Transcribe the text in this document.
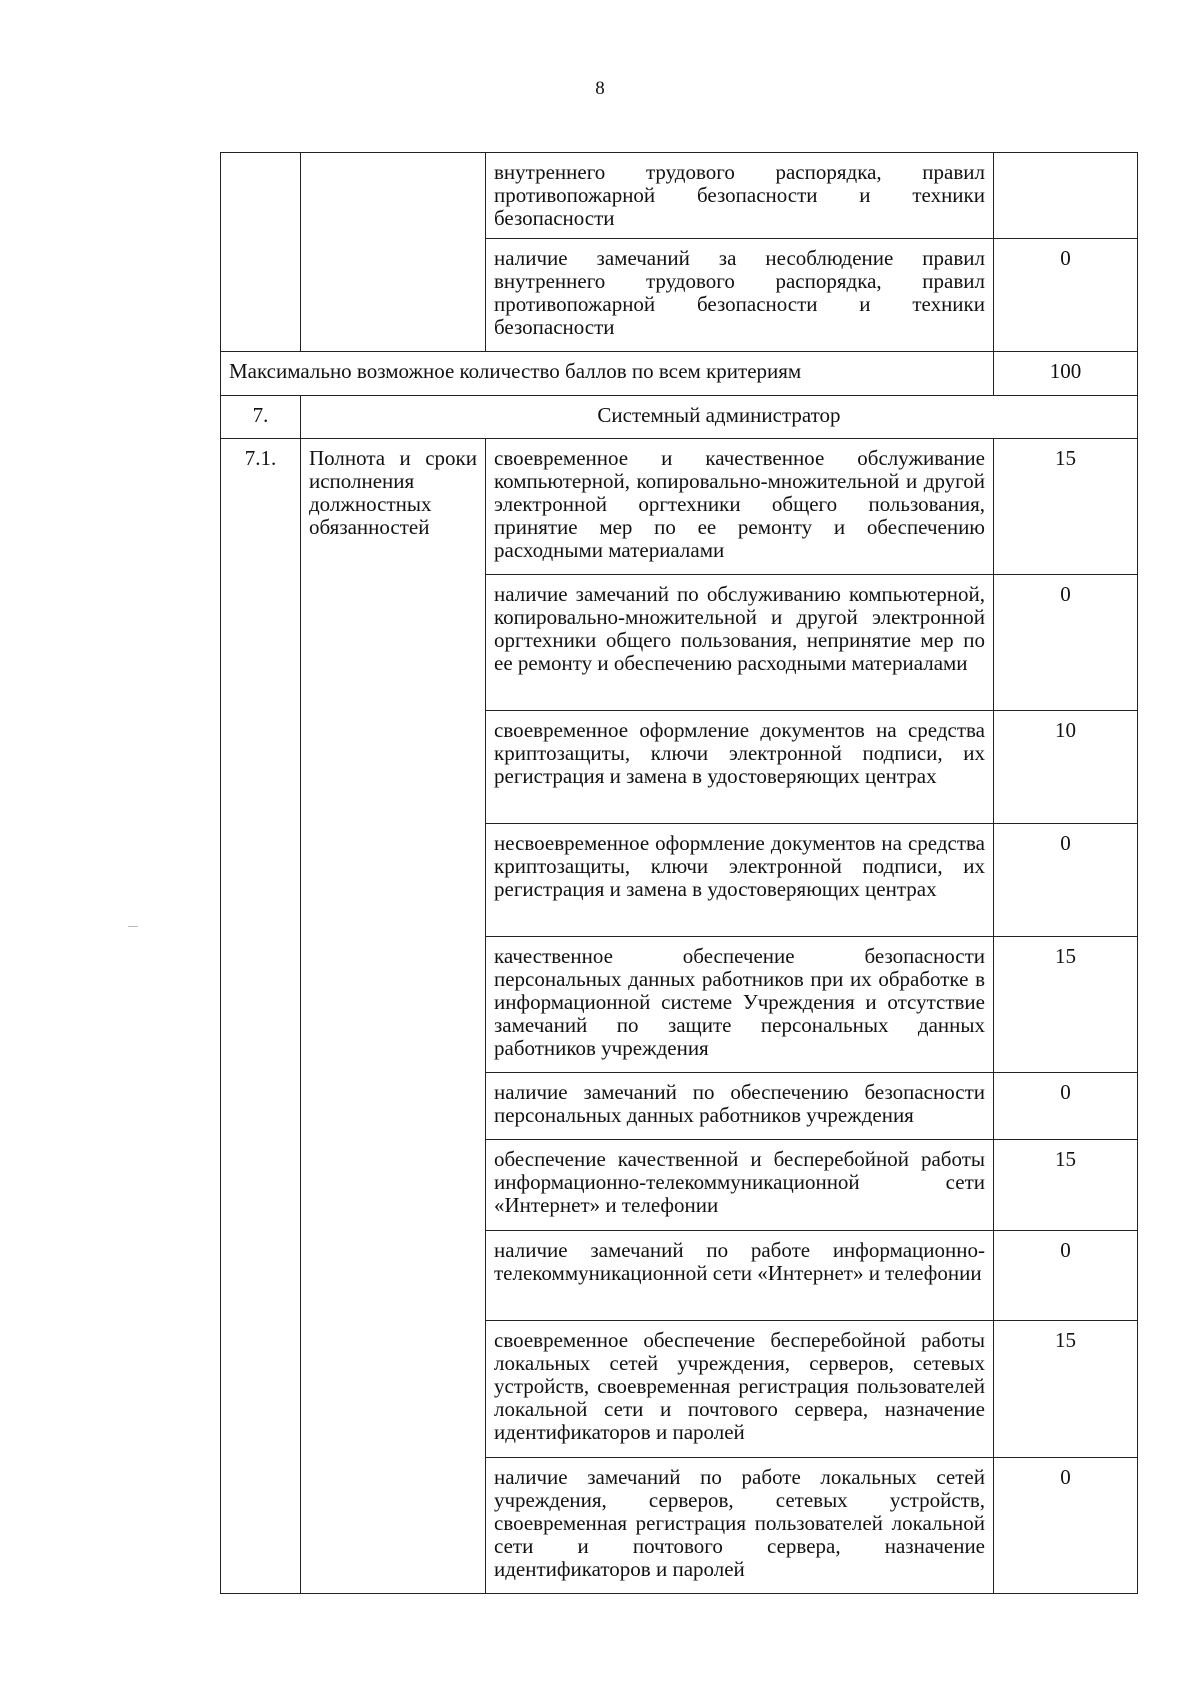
8
		внутреннего трудового распорядка, правил противопожарной безопасности и техники безопасности	
		наличие замечаний за несоблюдение правил внутреннего трудового распорядка, правил противопожарной безопасности и техники безопасности	0
Максимально возможное количество баллов по всем критериям			100
7.	Системный администратор		
7.1.	Полнота и сроки исполнения должностных обязанностей	своевременное и качественное обслуживание компьютерной, копировально-множительной и другой электронной оргтехники общего пользования, принятие мер по ее ремонту и обеспечению расходными материалами	15
		наличие замечаний по обслуживанию компьютерной, копировально-множительной и другой электронной оргтехники общего пользования, непринятие мер по ее ремонту и обеспечению расходными материалами	0
		своевременное оформление документов на средства криптозащиты, ключи электронной подписи, их регистрация и замена в удостоверяющих центрах	10
		несвоевременное оформление документов на средства криптозащиты, ключи электронной подписи, их регистрация и замена в удостоверяющих центрах	0
		качественное обеспечение безопасности персональных данных работников при их обработке в информационной системе Учреждения и отсутствие замечаний по защите персональных данных работников учреждения	15
		наличие замечаний по обеспечению безопасности персональных данных работников учреждения	0
		обеспечение качественной и бесперебойной работы информационно-телекоммуникационной сети «Интернет» и телефонии	15
		наличие замечаний по работе информационно-телекоммуникационной сети «Интернет» и телефонии	0
		своевременное обеспечение бесперебойной работы локальных сетей учреждения, серверов, сетевых устройств, своевременная регистрация пользователей локальной сети и почтового сервера, назначение идентификаторов и паролей	15
		наличие замечаний по работе локальных сетей учреждения, серверов, сетевых устройств, своевременная регистрация пользователей локальной сети и почтового сервера, назначение идентификаторов и паролей	0
